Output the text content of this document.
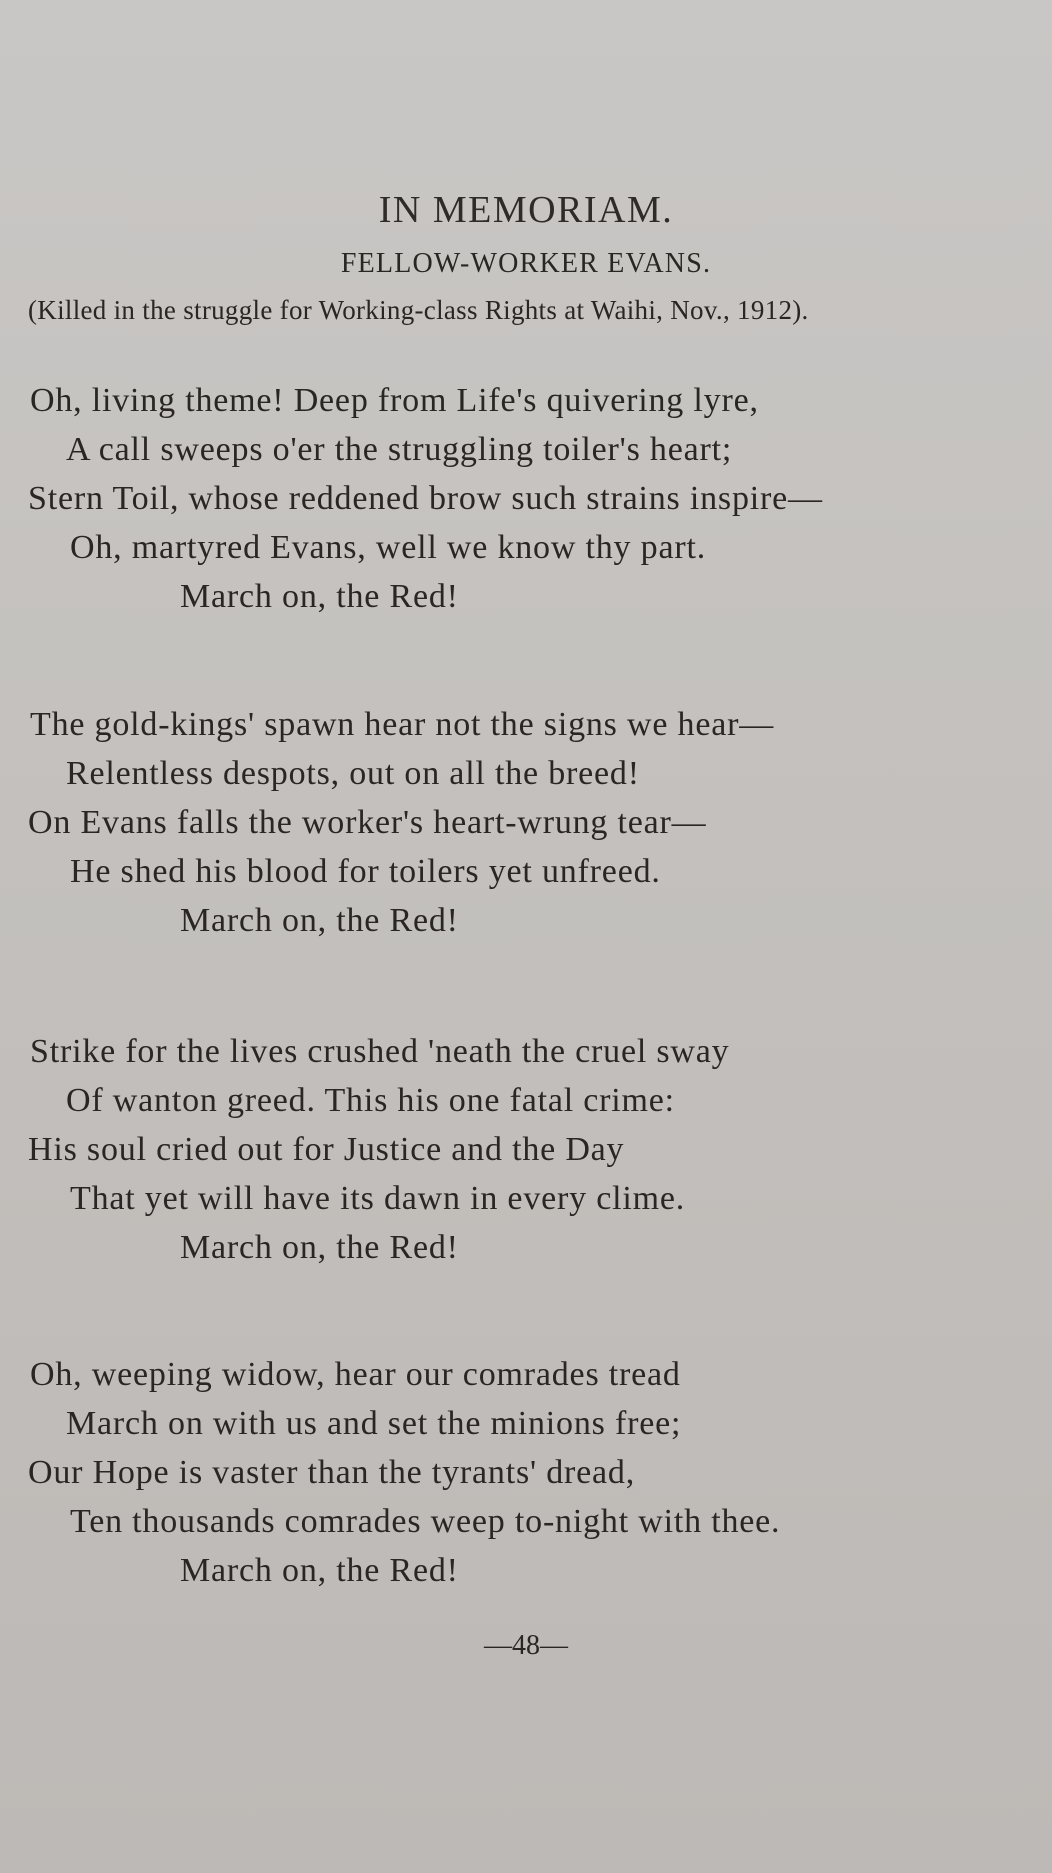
IN MEMORIAM.
FELLOW-WORKER EVANS.
(Killed in the struggle for Working-class Rights at Waihi, Nov., 1912).
Oh, living theme! Deep from Life's quivering lyre,
A call sweeps o'er the struggling toiler's heart;
Stern Toil, whose reddened brow such strains inspire—
Oh, martyred Evans, well we know thy part.
March on, the Red!
The gold-kings' spawn hear not the signs we hear—
Relentless despots, out on all the breed!
On Evans falls the worker's heart-wrung tear—
He shed his blood for toilers yet unfreed.
March on, the Red!
Strike for the lives crushed 'neath the cruel sway
Of wanton greed. This his one fatal crime:
His soul cried out for Justice and the Day
That yet will have its dawn in every clime.
March on, the Red!
Oh, weeping widow, hear our comrades tread
March on with us and set the minions free;
Our Hope is vaster than the tyrants' dread,
Ten thousands comrades weep to-night with thee.
March on, the Red!
—48—
